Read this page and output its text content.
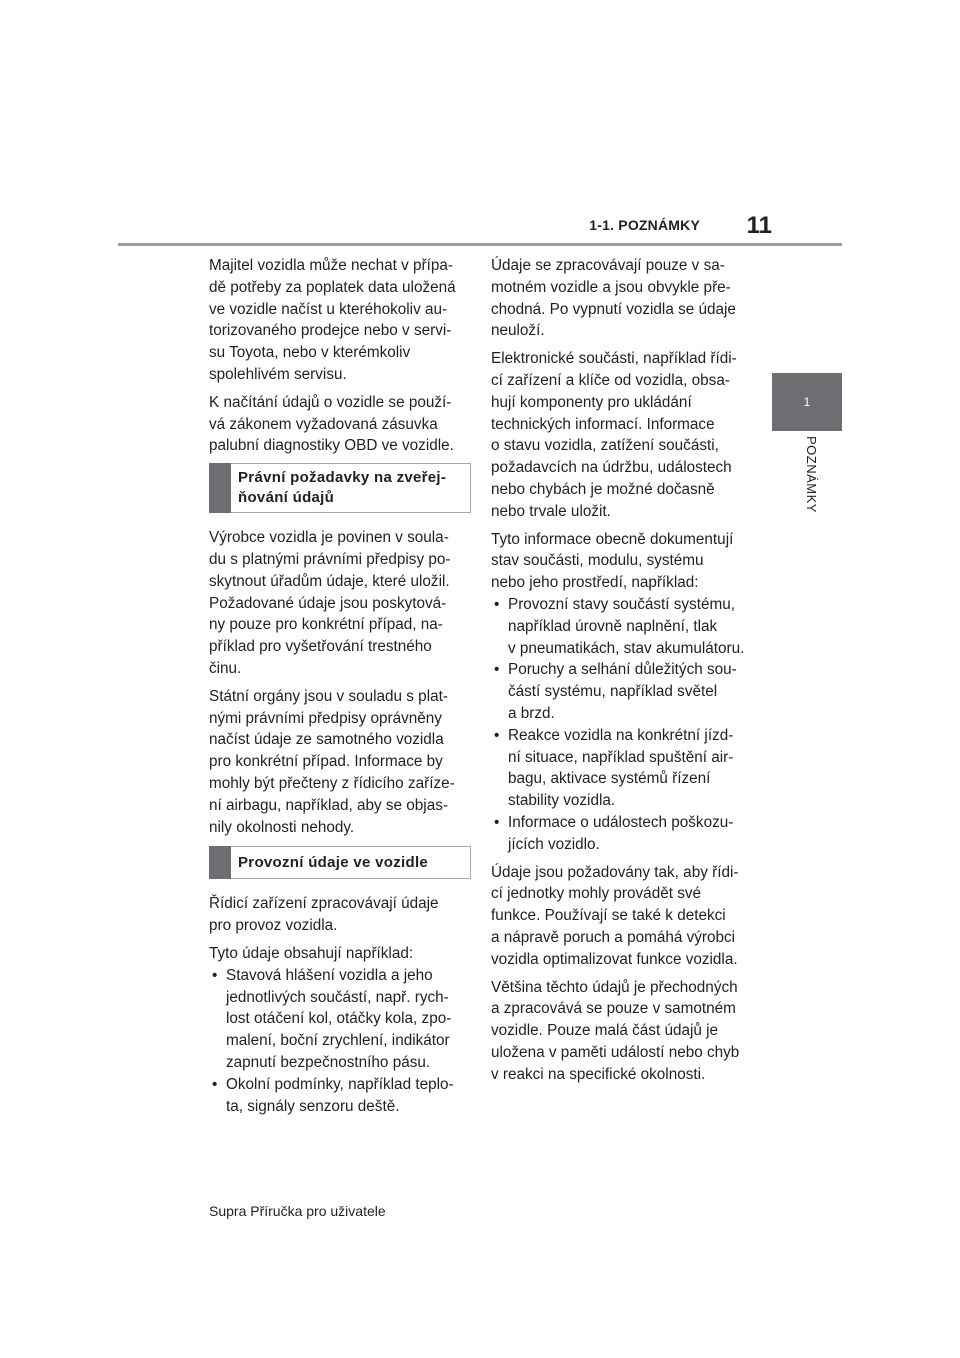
1-1. POZNÁMKY	11
1
POZNÁMKY
Majitel vozidla může nechat v přípa-
dě potřeby za poplatek data uložená
ve vozidle načíst u kteréhokoliv au-
torizovaného prodejce nebo v servi-
su Toyota, nebo v kterémkoliv
spolehlivém servisu.
K načítání údajů o vozidle se použí-
vá zákonem vyžadovaná zásuvka
palubní diagnostiky OBD ve vozidle.
Právní požadavky na zveřej-
ňování údajů
Výrobce vozidla je povinen v soula-
du s platnými právními předpisy po-
skytnout úřadům údaje, které uložil.
Požadované údaje jsou poskytová-
ny pouze pro konkrétní případ, na-
příklad pro vyšetřování trestného
činu.
Státní orgány jsou v souladu s plat-
nými právními předpisy oprávněny
načíst údaje ze samotného vozidla
pro konkrétní případ. Informace by
mohly být přečteny z řídicího zaříze-
ní airbagu, například, aby se objas-
nily okolnosti nehody.
Provozní údaje ve vozidle
Řídicí zařízení zpracovávají údaje
pro provoz vozidla.
Tyto údaje obsahují například:
• Stavová hlášení vozidla a jeho
jednotlivých součástí, např. rych-
lost otáčení kol, otáčky kola, zpo-
malení, boční zrychlení, indikátor
zapnutí bezpečnostního pásu.
• Okolní podmínky, například teplo-
ta, signály senzoru deště.
Údaje se zpracovávají pouze v sa-
motném vozidle a jsou obvykle pře-
chodná. Po vypnutí vozidla se údaje
neuloží.
Elektronické součásti, například řídi-
cí zařízení a klíče od vozidla, obsa-
hují komponenty pro ukládání
technických informací. Informace
o stavu vozidla, zatížení součásti,
požadavcích na údržbu, událostech
nebo chybách je možné dočasně
nebo trvale uložit.
Tyto informace obecně dokumentují
stav součásti, modulu, systému
nebo jeho prostředí, například:
• Provozní stavy součástí systému,
například úrovně naplnění, tlak
v pneumatikách, stav akumulátoru.
• Poruchy a selhání důležitých sou-
částí systému, například světel
a brzd.
• Reakce vozidla na konkrétní jízd-
ní situace, například spuštění air-
bagu, aktivace systémů řízení
stability vozidla.
• Informace o událostech poškozu-
jících vozidlo.
Údaje jsou požadovány tak, aby řídi-
cí jednotky mohly provádět své
funkce. Používají se také k detekci
a nápravě poruch a pomáhá výrobci
vozidla optimalizovat funkce vozidla.
Většina těchto údajů je přechodných
a zpracovává se pouze v samotném
vozidle. Pouze malá část údajů je
uložena v paměti událostí nebo chyb
v reakci na specifické okolnosti.
Supra Příručka pro uživatele
